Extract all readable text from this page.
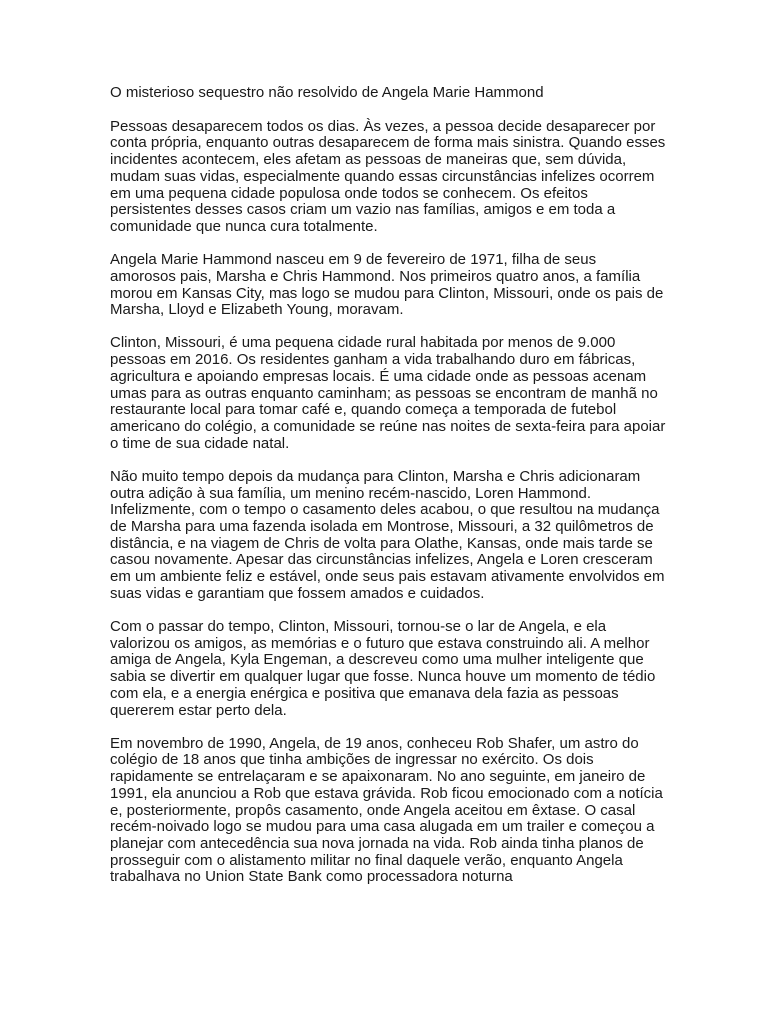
O misterioso sequestro não resolvido de Angela Marie Hammond

Pessoas desaparecem todos os dias. Às vezes, a pessoa decide desaparecer por conta própria, enquanto outras desaparecem de forma mais sinistra. Quando esses incidentes acontecem, eles afetam as pessoas de maneiras que, sem dúvida, mudam suas vidas, especialmente quando essas circunstâncias infelizes ocorrem em uma pequena cidade populosa onde todos se conhecem. Os efeitos persistentes desses casos criam um vazio nas famílias, amigos e em toda a comunidade que nunca cura totalmente.

Angela Marie Hammond nasceu em 9 de fevereiro de 1971, filha de seus amorosos pais, Marsha e Chris Hammond. Nos primeiros quatro anos, a família morou em Kansas City, mas logo se mudou para Clinton, Missouri, onde os pais de Marsha, Lloyd e Elizabeth Young, moravam.

Clinton, Missouri, é uma pequena cidade rural habitada por menos de 9.000 pessoas em 2016. Os residentes ganham a vida trabalhando duro em fábricas, agricultura e apoiando empresas locais. É uma cidade onde as pessoas acenam umas para as outras enquanto caminham; as pessoas se encontram de manhã no restaurante local para tomar café e, quando começa a temporada de futebol americano do colégio, a comunidade se reúne nas noites de sexta-feira para apoiar o time de sua cidade natal.

Não muito tempo depois da mudança para Clinton, Marsha e Chris adicionaram outra adição à sua família, um menino recém-nascido, Loren Hammond. Infelizmente, com o tempo o casamento deles acabou, o que resultou na mudança de Marsha para uma fazenda isolada em Montrose, Missouri, a 32 quilômetros de distância, e na viagem de Chris de volta para Olathe, Kansas, onde mais tarde se casou novamente. Apesar das circunstâncias infelizes, Angela e Loren cresceram em um ambiente feliz e estável, onde seus pais estavam ativamente envolvidos em suas vidas e garantiam que fossem amados e cuidados.

Com o passar do tempo, Clinton, Missouri, tornou-se o lar de Angela, e ela valorizou os amigos, as memórias e o futuro que estava construindo ali. A melhor amiga de Angela, Kyla Engeman, a descreveu como uma mulher inteligente que sabia se divertir em qualquer lugar que fosse. Nunca houve um momento de tédio com ela, e a energia enérgica e positiva que emanava dela fazia as pessoas quererem estar perto dela.

Em novembro de 1990, Angela, de 19 anos, conheceu Rob Shafer, um astro do colégio de 18 anos que tinha ambições de ingressar no exército. Os dois rapidamente se entrelaçaram e se apaixonaram. No ano seguinte, em janeiro de 1991, ela anunciou a Rob que estava grávida. Rob ficou emocionado com a notícia e, posteriormente, propôs casamento, onde Angela aceitou em êxtase. O casal recém-noivado logo se mudou para uma casa alugada em um trailer e começou a planejar com antecedência sua nova jornada na vida. Rob ainda tinha planos de prosseguir com o alistamento militar no final daquele verão, enquanto Angela trabalhava no Union State Bank como processadora noturna
